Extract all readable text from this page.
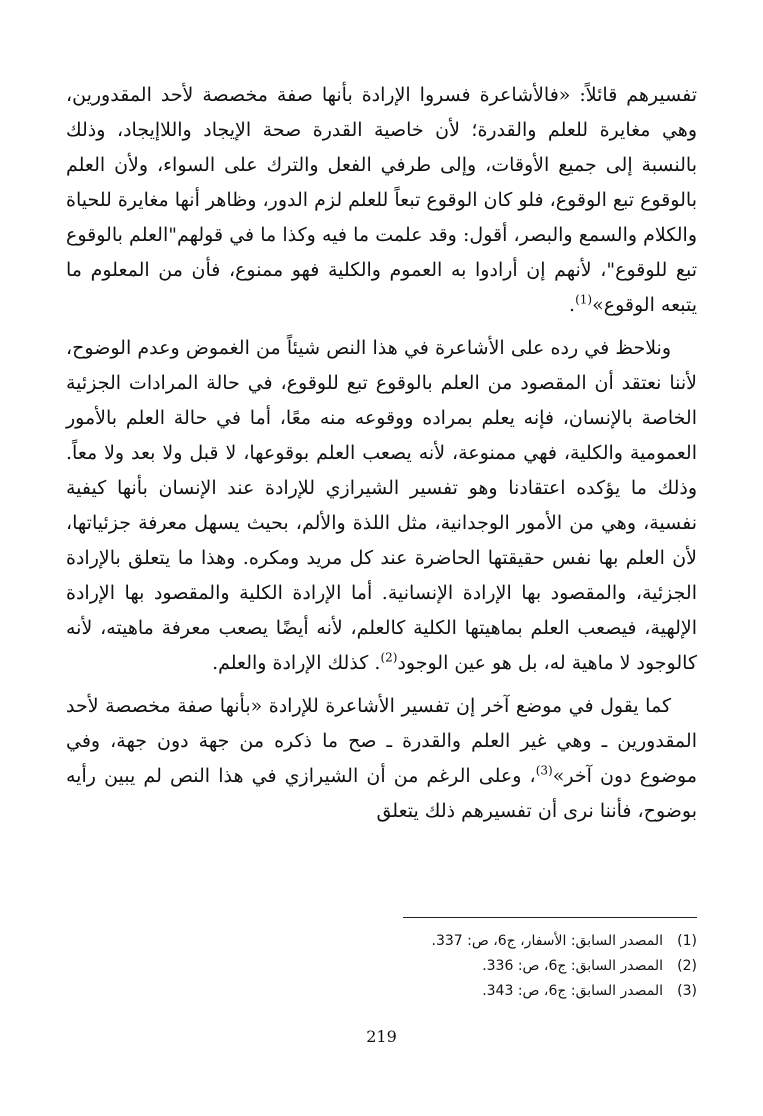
تفسيرهم قائلاً: «فالأشاعرة فسروا الإرادة بأنها صفة مخصصة لأحد المقدورين، وهي مغايرة للعلم والقدرة؛ لأن خاصية القدرة صحة الإيجاد واللاإيجاد، وذلك بالنسبة إلى جميع الأوقات، وإلى طرفي الفعل والترك على السواء، ولأن العلم بالوقوع تبع الوقوع، فلو كان الوقوع تبعاً للعلم لزم الدور، وظاهر أنها مغايرة للحياة والكلام والسمع والبصر، أقول: وقد علمت ما فيه وكذا ما في قولهم"العلم بالوقوع تبع للوقوع"، لأنهم إن أرادوا به العموم والكلية فهو ممنوع، فأن من المعلوم ما يتبعه الوقوع»$^{(1)}$.

ونلاحظ في رده على الأشاعرة في هذا النص شيئاً من الغموض وعدم الوضوح، لأننا نعتقد أن المقصود من العلم بالوقوع تبع للوقوع، في حالة المرادات الجزئية الخاصة بالإنسان، فإنه يعلم بمراده ووقوعه منه معًا، أما في حالة العلم بالأمور العمومية والكلية، فهي ممنوعة، لأنه يصعب العلم بوقوعها، لا قبل ولا بعد ولا معاً. وذلك ما يؤكده اعتقادنا وهو تفسير الشيرازي للإرادة عند الإنسان بأنها كيفية نفسية، وهي من الأمور الوجدانية، مثل اللذة والألم، بحيث يسهل معرفة جزئياتها، لأن العلم بها نفس حقيقتها الحاضرة عند كل مريد ومكره. وهذا ما يتعلق بالإرادة الجزئية، والمقصود بها الإرادة الإنسانية. أما الإرادة الكلية والمقصود بها الإرادة الإلهية، فيصعب العلم بماهيتها الكلية كالعلم، لأنه أيضًا يصعب معرفة ماهيته، لأنه كالوجود لا ماهية له، بل هو عين الوجود$^{(2)}$. كذلك الإرادة والعلم.

كما يقول في موضع آخر إن تفسير الأشاعرة للإرادة «بأنها صفة مخصصة لأحد المقدورين ـ وهي غير العلم والقدرة ـ صح ما ذكره من جهة دون جهة، وفي موضوع دون آخر»$^{(3)}$، وعلى الرغم من أن الشيرازي في هذا النص لم يبين رأيه بوضوح، فأننا نرى أن تفسيرهم ذلك يتعلق

(1)
المصدر السابق: الأسفار، ج6، ص: 337.
(2)
المصدر السابق: ج6، ص: 336.
(3)
المصدر السابق: ج6، ص: 343.
219
